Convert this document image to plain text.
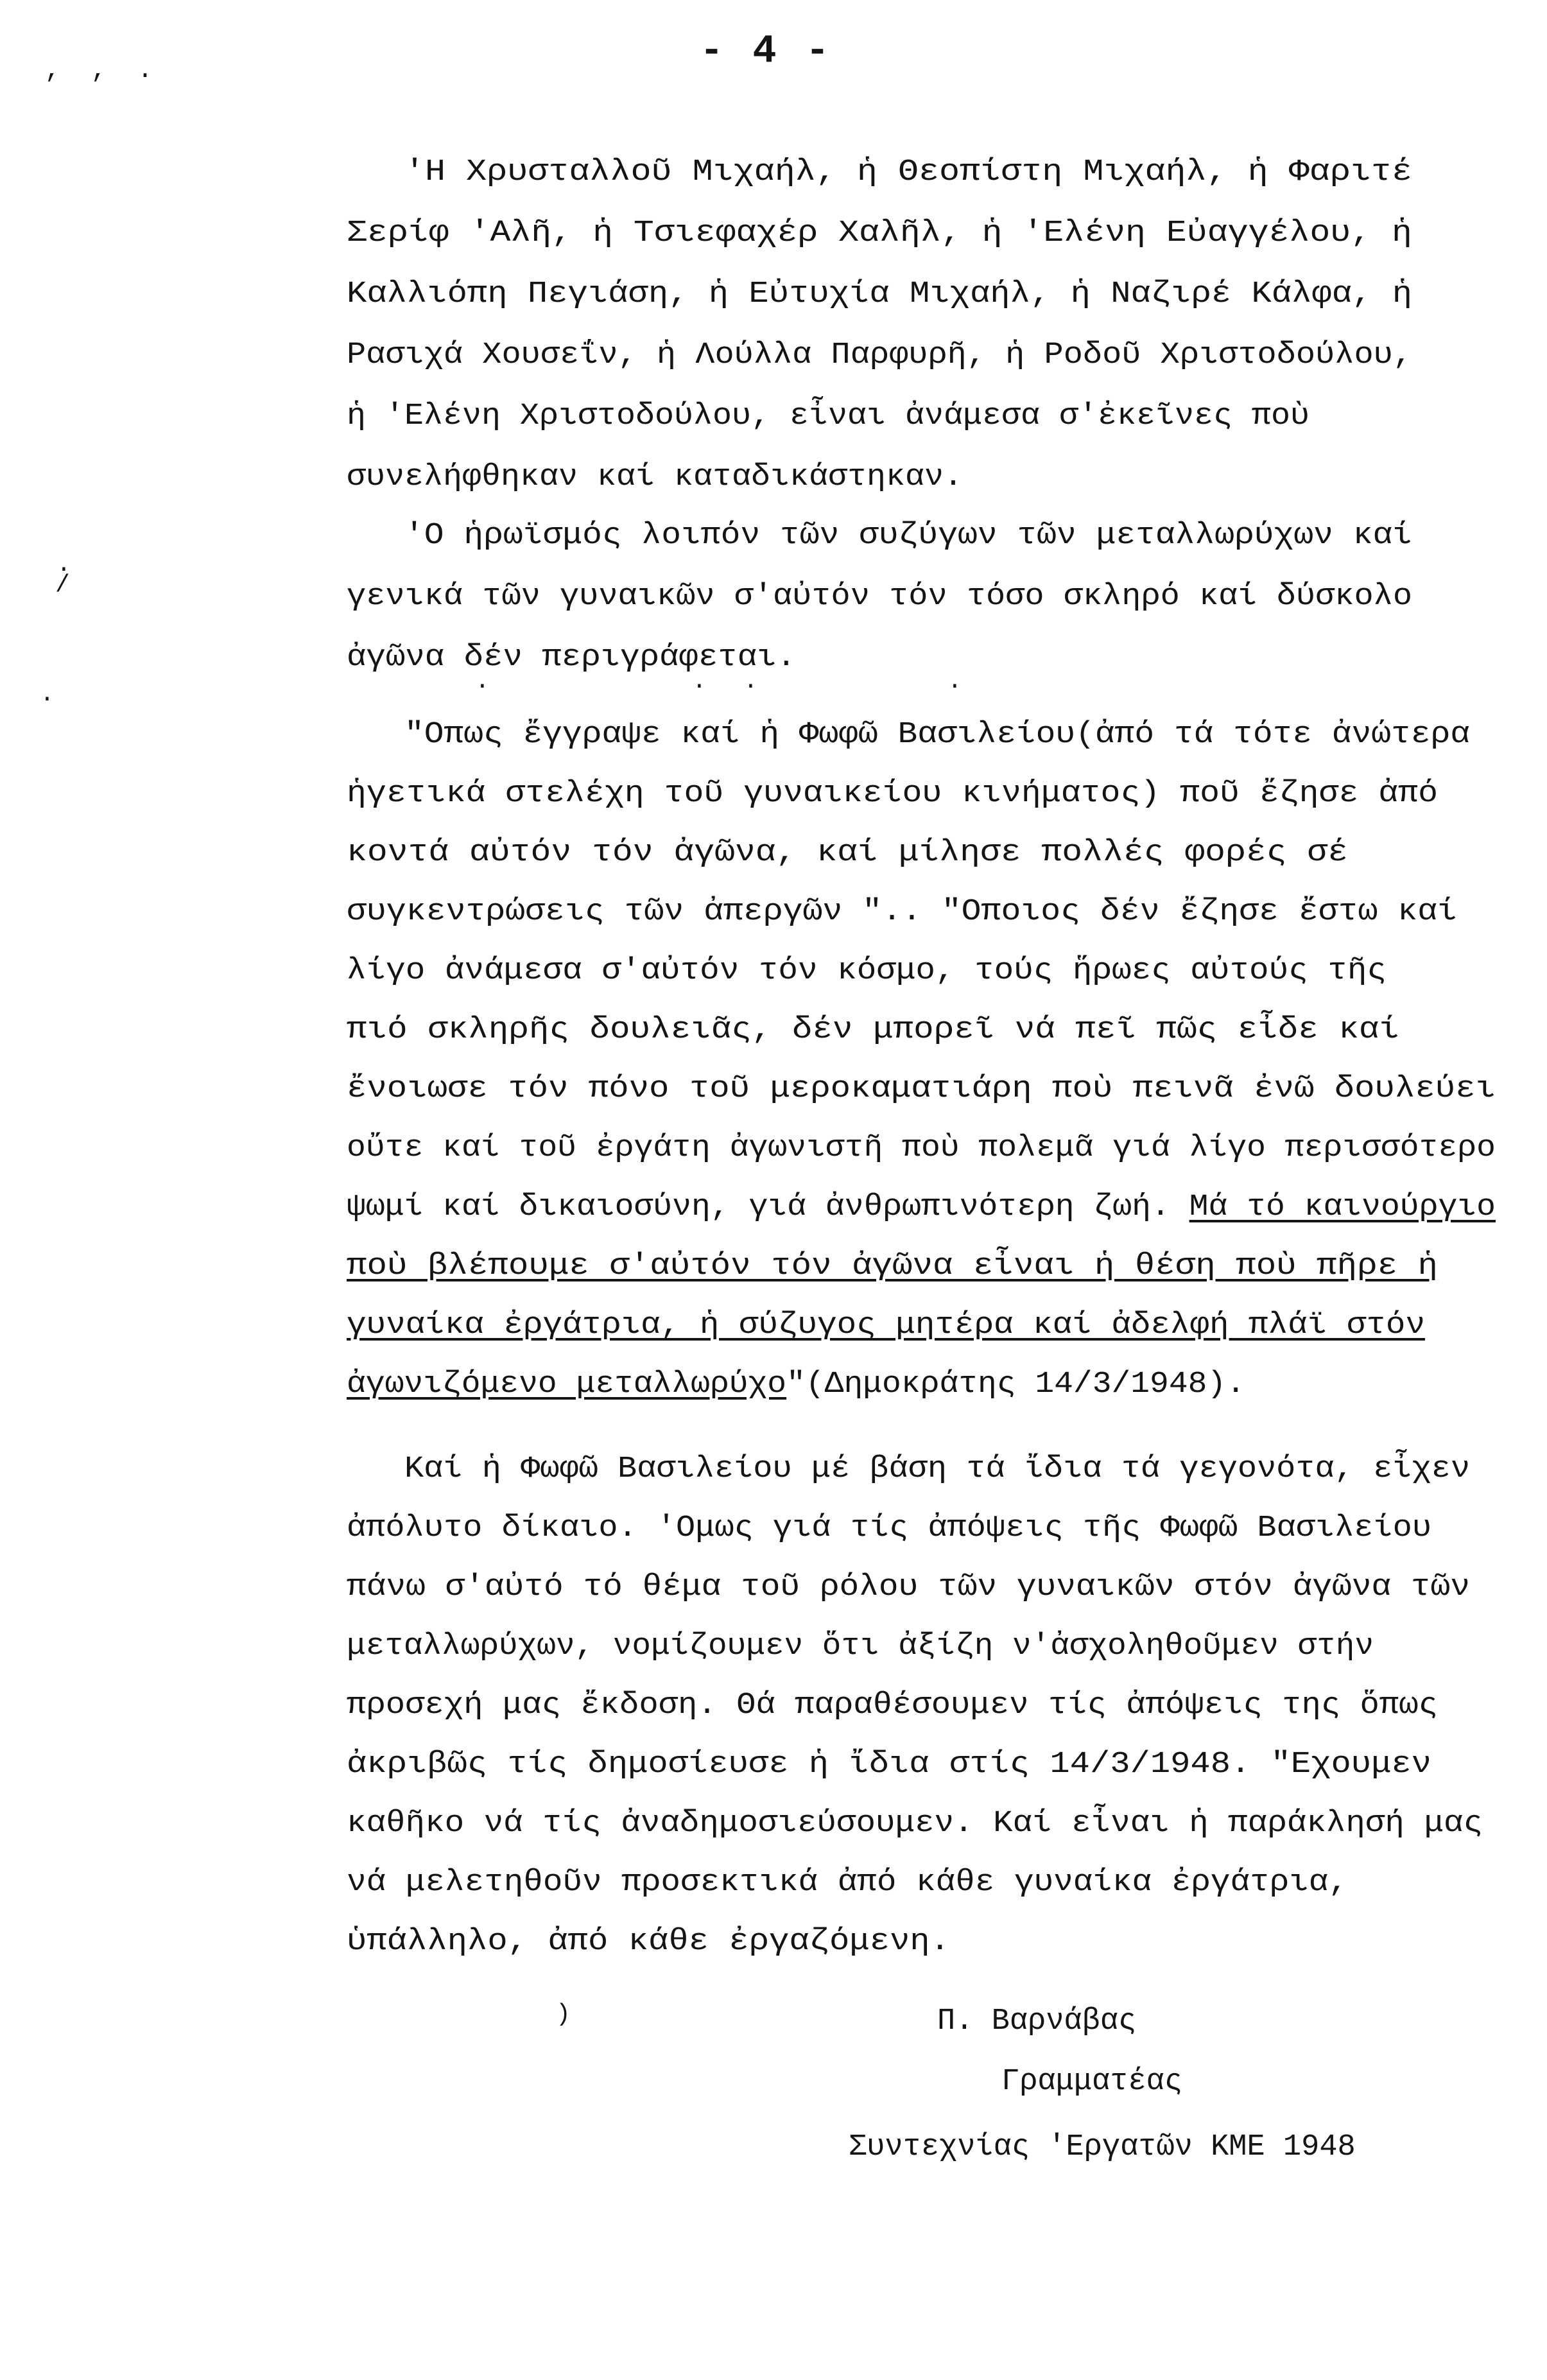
- 4 -
, , .
.
/
.	.
.
.	.
)
'Η Χρυσταλλοῦ Μιχαήλ, ἡ Θεοπίστη Μιχαήλ, ἡ Φαριτέ
Σερίφ 'Αλῆ, ἡ Τσιεφαχέρ Χαλῆλ, ἡ 'Ελένη Εὐαγγέλου, ἡ
Καλλιόπη Πεγιάση, ἡ Εὐτυχία Μιχαήλ, ἡ Ναζιρέ Κάλφα, ἡ
Ρασιχά Χουσεΐν, ἡ Λούλλα Παρφυρῆ, ἡ Ροδοῦ Χριστοδούλου,
ἡ 'Ελένη Χριστοδούλου, εἶναι ἀνάμεσα σ'ἐκεῖνες ποὺ
συνελήφθηκαν καί καταδικάστηκαν.
'Ο ἡρωϊσμός λοιπόν τῶν συζύγων τῶν μεταλλωρύχων καί
γενικά τῶν γυναικῶν σ'αὐτόν τόν τόσο σκληρό καί δύσκολο
ἀγῶνα δέν περιγράφεται.
"Οπως ἔγγραψε καί ἡ Φωφῶ Βασιλείου(ἀπό τά τότε ἀνώτερα
ἡγετικά στελέχη τοῦ γυναικείου κινήματος) ποῦ ἔζησε ἀπό
κοντά αὐτόν τόν ἀγῶνα, καί μίλησε πολλές φορές σέ
συγκεντρώσεις τῶν ἀπεργῶν ".. "Οποιος δέν ἔζησε ἔστω καί
λίγο ἀνάμεσα σ'αὐτόν τόν κόσμο, τούς ἥρωες αὐτούς τῆς
πιό σκληρῆς δουλειᾶς, δέν μπορεῖ νά πεῖ πῶς εἶδε καί
ἔνοιωσε τόν πόνο τοῦ μεροκαματιάρη ποὺ πεινᾶ ἐνῶ δουλεύει
οὔτε καί τοῦ ἐργάτη ἀγωνιστῆ ποὺ πολεμᾶ γιά λίγο περισσότερο
ψωμί καί δικαιοσύνη, γιά ἀνθρωπινότερη ζωή. Μά τό καινούργιο
ποὺ βλέπουμε σ'αὐτόν τόν ἀγῶνα εἶναι ἡ θέση ποὺ πῆρε ἡ
γυναίκα ἐργάτρια, ἡ σύζυγος μητέρα καί ἀδελφή πλάϊ στόν
ἀγωνιζόμενο μεταλλωρύχο"(Δημοκράτης 14/3/1948).
Καί ἡ Φωφῶ Βασιλείου μέ βάση τά ἴδια τά γεγονότα, εἶχεν
ἀπόλυτο δίκαιο. 'Ομως γιά τίς ἀπόψεις τῆς Φωφῶ Βασιλείου
πάνω σ'αὐτό τό θέμα τοῦ ρόλου τῶν γυναικῶν στόν ἀγῶνα τῶν
μεταλλωρύχων, νομίζουμεν ὅτι ἀξίζη ν'ἀσχοληθοῦμεν στήν
προσεχή μας ἔκδοση. Θά παραθέσουμεν τίς ἀπόψεις της ὅπως
ἀκριβῶς τίς δημοσίευσε ἡ ἴδια στίς 14/3/1948. "Εχουμεν
καθῆκο νά τίς ἀναδημοσιεύσουμεν. Καί εἶναι ἡ παράκλησή μας
νά μελετηθοῦν προσεκτικά ἀπό κάθε γυναίκα ἐργάτρια,
ὑπάλληλο, ἀπό κάθε ἐργαζόμενη.
Π. Βαρνάβας
Γραμματέας
Συντεχνίας 'Εργατῶν ΚΜΕ 1948
